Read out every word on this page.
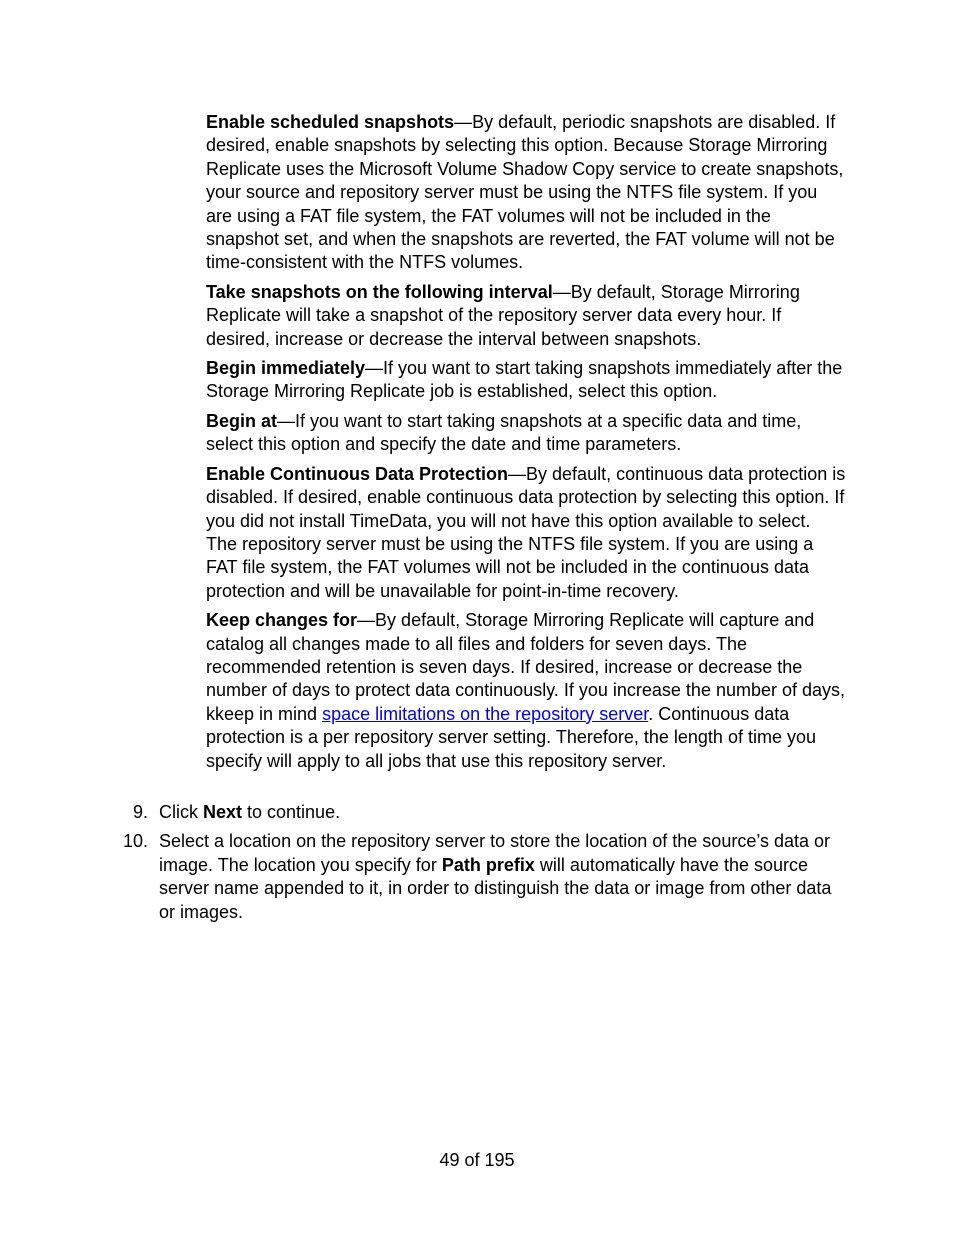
Enable scheduled snapshots—By default, periodic snapshots are disabled. If desired, enable snapshots by selecting this option. Because Storage Mirroring Replicate uses the Microsoft Volume Shadow Copy service to create snapshots, your source and repository server must be using the NTFS file system. If you are using a FAT file system, the FAT volumes will not be included in the snapshot set, and when the snapshots are reverted, the FAT volume will not be time-consistent with the NTFS volumes.

Take snapshots on the following interval—By default, Storage Mirroring Replicate will take a snapshot of the repository server data every hour. If desired, increase or decrease the interval between snapshots.

Begin immediately—If you want to start taking snapshots immediately after the Storage Mirroring Replicate job is established, select this option.

Begin at—If you want to start taking snapshots at a specific data and time, select this option and specify the date and time parameters.

Enable Continuous Data Protection—By default, continuous data protection is disabled. If desired, enable continuous data protection by selecting this option. If you did not install TimeData, you will not have this option available to select. The repository server must be using the NTFS file system. If you are using a FAT file system, the FAT volumes will not be included in the continuous data protection and will be unavailable for point-in-time recovery.

Keep changes for—By default, Storage Mirroring Replicate will capture and catalog all changes made to all files and folders for seven days. The recommended retention is seven days. If desired, increase or decrease the number of days to protect data continuously. If you increase the number of days, kkeep in mind space limitations on the repository server. Continuous data protection is a per repository server setting. Therefore, the length of time you specify will apply to all jobs that use this repository server.

9. Click Next to continue.
10. Select a location on the repository server to store the location of the source’s data or image. The location you specify for Path prefix will automatically have the source server name appended to it, in order to distinguish the data or image from other data or images.
49 of 195
